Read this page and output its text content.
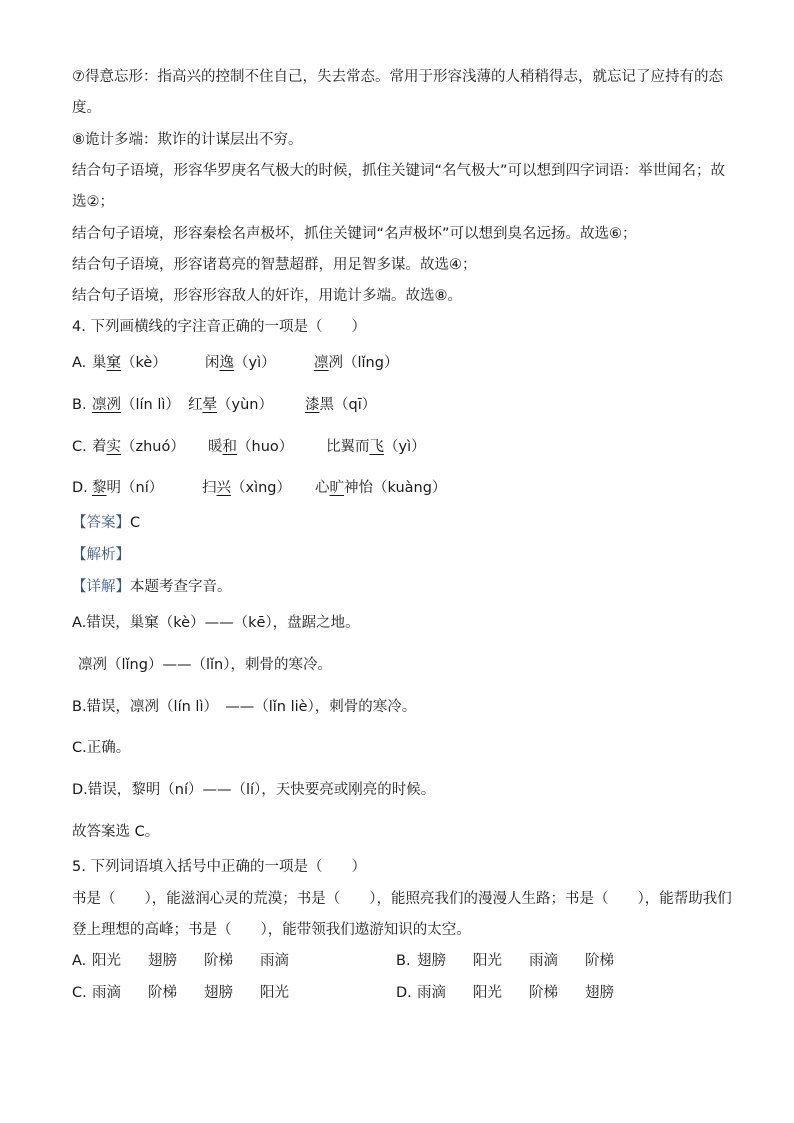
⑦得意忘形：指高兴的控制不住自己，失去常态。常用于形容浅薄的人稍稍得志，就忘记了应持有的态
度。
⑧诡计多端：欺诈的计谋层出不穷。
结合句子语境，形容华罗庚名气极大的时候，抓住关键词“名气极大”可以想到四字词语：举世闻名；故
选②；
结合句子语境，形容秦桧名声极坏，抓住关键词“名声极坏”可以想到臭名远扬。故选⑥；
结合句子语境，形容诸葛亮的智慧超群，用足智多谋。故选④；
结合句子语境，形容形容敌人的奸诈，用诡计多端。故选⑧。
4. 下列画横线的字注音正确的一项是（　　）
A. 巢窠（kè）	闲逸（yì）	凛冽（lǐng）
B. 凛冽（lín lì） 红晕（yùn） 漆黑（qī）
C. 着实（zhuó） 暖和（huo） 比翼而飞（yì）
D. 黎明（ní）	扫兴（xìng） 心旷神怡（kuàng）
【答案】C
【解析】
【详解】本题考查字音。
A.错误，巢窠（kè）——（kē），盘踞之地。
凛冽（lǐng）——（lǐn），刺骨的寒冷。
B.错误，凛冽（lín lì）　——（lǐn liè），刺骨的寒冷。
C.正确。
D.错误，黎明（ní）——（lí），天快要亮或刚亮的时候。
故答案选 C。
5. 下列词语填入括号中正确的一项是（　　）
书是（　　），能滋润心灵的荒漠；书是（　　），能照亮我们的漫漫人生路；书是（　　），能帮助我们
登上理想的高峰；书是（　　），能带领我们遨游知识的太空。
A. 阳光 翅膀 阶梯 雨滴	B. 翅膀 阳光 雨滴 阶梯
C. 雨滴 阶梯 翅膀 阳光	D. 雨滴 阳光 阶梯 翅膀
